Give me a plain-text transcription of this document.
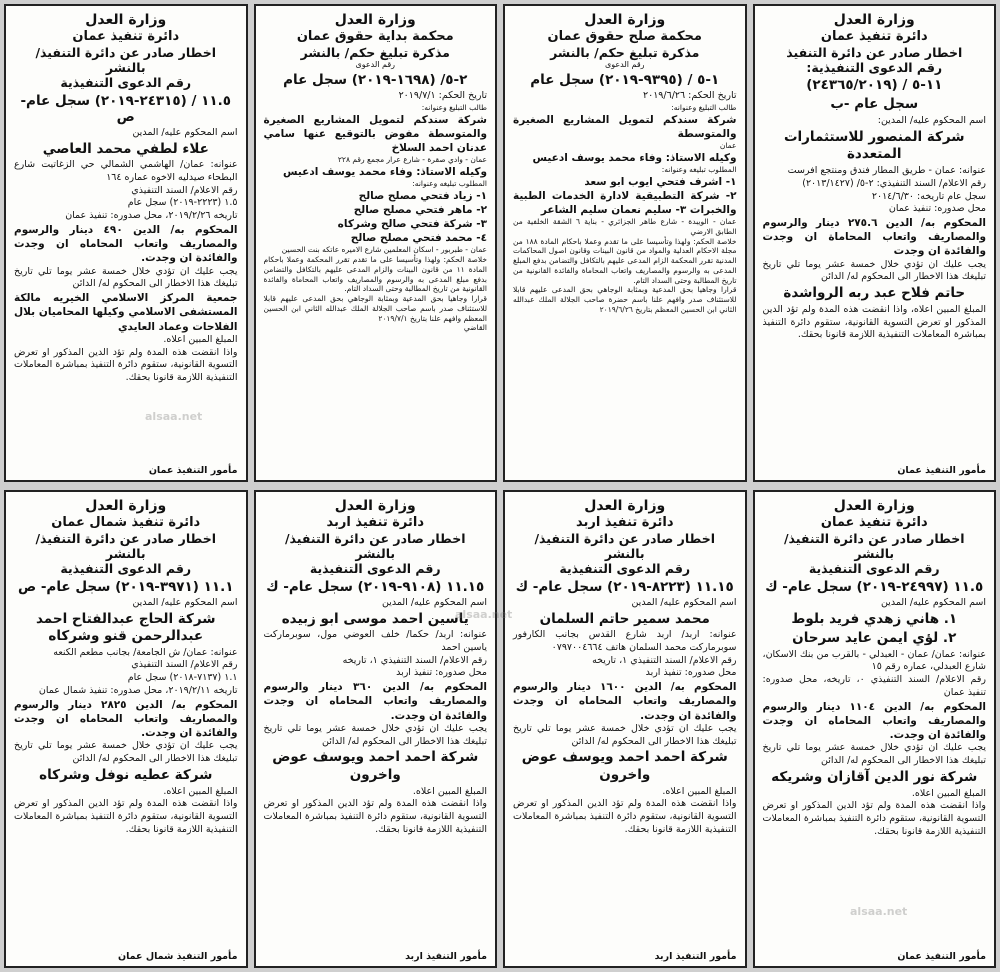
وزارة العدل
دائرة تنفيذ عمان
اخطار صادر عن دائرة التنفيذ/ بالنشر
رقم الدعوى التنفيذية
١١.٥ / (٢٤٣١٥-٢٠١٩) سجل عام- ص
اسم المحكوم عليه/ المدين
علاء لطفي محمد العاصي
عنوانه: عمان/ الهاشمي الشمالي حي الزغاتيت شارع البطحاء صيدليه الاخوه عماره ١٦٤
رقم الاعلام/ السند التنفيذي
١.٥ (٢٢٢٣-٢٠١٩) سجل عام
تاريخه ٢٠١٩/٢/٢٦، محل صدوره: تنفيذ عمان
المحكوم به/ الدين ٤٩٠ دينار والرسوم والمصاريف واتعاب المحاماه ان وجدت والفائدة ان وجدت.
يجب عليك ان تؤدي خلال خمسة عشر يوما تلي تاريخ تبليغك هذا الاخطار الى المحكوم له/ الدائن
جمعية المركز الاسلامي الخيريه مالكة المستشفى الاسلامي وكيلها المحاميان بلال الفلاحات وعماد العايدي
المبلغ المبين اعلاه.
واذا انقضت هذه المدة ولم تؤد الدين المذكور او تعرض التسوية القانونية، ستقوم دائرة التنفيذ بمباشرة المعاملات التنفيذية اللازمة قانونا بحقك.
مأمور التنفيذ عمان
وزارة العدل
محكمة بداية حقوق عمان
مذكرة تبليغ حكم/ بالنشر
رقم الدعوى
٢-٥/ (١٦٩٨-٢٠١٩) سجل عام
تاريخ الحكم: ٢٠١٩/٧/١
طالب التبليغ وعنوانه:
شركة سندكم لتمويل المشاريع الصغيرة والمتوسطة مفوض بالتوقيع عنها سامي عدنان احمد السلاخ
عمان - وادي صقرة - شارع عرار مجمع رقم ٢٢٨
وكيله الاستاذ: وفاء محمد يوسف ادعيس
المطلوب تبليغه وعنوانه:
١- زياد فتحي مصلح صالح
٢- ماهر فتحي مصلح صالح
٣- شركة فتحي صالح وشركاه
٤- محمد فتحي مصلح صالح
عمان - طبربور - اسكان المعلمين شارع الاميره عاتكه بنت الحسين
خلاصة الحكم: ولهذا وتأسيسا على ما تقدم تقرر المحكمة وعملا باحكام المادة ١١ من قانون البينات والزام المدعى عليهم بالتكافل والتضامن بدفع مبلغ المدعى به والرسوم والمصاريف واتعاب المحاماة والفائدة القانونية من تاريخ المطالبة وحتى السداد التام.
قرارا وجاهيا بحق المدعية وبمثابة الوجاهي بحق المدعى عليهم قابلا للاستئناف صدر باسم صاحب الجلالة الملك عبدالله الثاني ابن الحسين المعظم وافهم علنا بتاريخ ٢٠١٩/٧/١
القاضي
وزارة العدل
محكمة صلح حقوق عمان
مذكرة تبليغ حكم/ بالنشر
رقم الدعوى
١-٥ / (٩٣٩٥-٢٠١٩) سجل عام
تاريخ الحكم: ٢٠١٩/٦/٢٦
طالب التبليغ وعنوانه:
شركة سندكم لتمويل المشاريع الصغيرة والمتوسطة
عمان
وكيله الاستاذ: وفاء محمد يوسف ادعيس
المطلوب تبليغه وعنوانه:
١- اشرف فتحي ايوب ابو سعد
٢- شركة التطبيقية لادارة الخدمات الطبية والخبرات ٣- سليم نعمان سليم الشاعر
عمان - الويبدة - شارع طاهر الجزائري - بناية ٦ الشقة الخلفية من الطابق الارضي
خلاصة الحكم: ولهذا وتأسيسا على ما تقدم وعملا باحكام المادة ١٨٨ من مجلة الاحكام العدلية والمواد من قانون البينات وقانون اصول المحاكمات المدنية تقرر المحكمة الزام المدعى عليهم بالتكافل والتضامن بدفع المبلغ المدعى به والرسوم والمصاريف واتعاب المحاماة والفائدة القانونية من تاريخ المطالبة وحتى السداد التام.
قرارا وجاهيا بحق المدعية وبمثابة الوجاهي بحق المدعى عليهم قابلا للاستئناف صدر وافهم علنا باسم حضرة صاحب الجلالة الملك عبدالله الثاني ابن الحسين المعظم بتاريخ ٢٠١٩/٦/٢٦
وزارة العدل
دائرة تنفيذ عمان
اخطار صادر عن دائرة التنفيذ
رقم الدعوى التنفيذية:
١١-٥ / (٢٤٣٦٥/٢٠١٩)
سجل عام -ب
اسم المحكوم عليه/ المدين:
شركة المنصور للاستثمارات المتعددة
عنوانه: عمان - طريق المطار فندق ومنتجع افرست
رقم الاعلام/ السند التنفيذي: ٢-٥/ (٢٠١٣/١٤٢٧)
سجل عام تاريخه: ٢٠١٤/٦/٣٠
محل صدوره: تنفيذ عمان
المحكوم به/ الدين ٢٧٥.٦ دينار والرسوم والمصاريف واتعاب المحاماة ان وجدت والفائدة ان وجدت
يجب عليك ان تؤدي خلال خمسة عشر يوما تلي تاريخ تبليغك هذا الاخطار الى المحكوم له/ الدائن
حاتم فلاح عبد ربه الرواشدة
المبلغ المبين اعلاه، واذا انقضت هذه المدة ولم تؤد الدين المذكور او تعرض التسوية القانونية، ستقوم دائرة التنفيذ بمباشرة المعاملات التنفيذية اللازمة قانونا بحقك.
مأمور التنفيذ عمان
وزارة العدل
دائرة تنفيذ شمال عمان
اخطار صادر عن دائرة التنفيذ/ بالنشر
رقم الدعوى التنفيذية
١١.١ (٣٩٧١-٢٠١٩) سجل عام- ص
اسم المحكوم عليه/ المدين
شركة الحاج عبدالفتاح احمد عبدالرحمن قنو وشركاه
عنوانه: عمان/ ش الجامعة/ بجانب مطعم الكنعه
رقم الاعلام/ السند التنفيذي
١.١ (٧١٣٧-٢٠١٨) سجل عام
تاريخه ٢٠١٩/٢/١١، محل صدوره: تنفيذ شمال عمان
المحكوم به/ الدين ٢٨٢٥ دينار والرسوم والمصاريف واتعاب المحاماه ان وجدت والفائدة ان وجدت.
يجب عليك ان تؤدي خلال خمسة عشر يوما تلي تاريخ تبليغك هذا الاخطار الى المحكوم له/ الدائن
شركة عطيه نوفل وشركاه
المبلغ المبين اعلاه.
واذا انقضت هذه المدة ولم تؤد الدين المذكور او تعرض التسوية القانونية، ستقوم دائرة التنفيذ بمباشرة المعاملات التنفيذية اللازمة قانونا بحقك.
مأمور التنفيذ شمال عمان
وزارة العدل
دائرة تنفيذ اربد
اخطار صادر عن دائرة التنفيذ/ بالنشر
رقم الدعوى التنفيذية
١١.١٥ (٩١٠٨-٢٠١٩) سجل عام- ك
اسم المحكوم عليه/ المدين
ياسين احمد موسى ابو زبيده
عنوانه: اربد/ حكما/ خلف العوضي مول، سوبرماركت ياسين احمد
رقم الاعلام/ السند التنفيذي ١، تاريخه
محل صدوره: تنفيذ اربد
المحكوم به/ الدين ٣٦٠ دينار والرسوم والمصاريف واتعاب المحاماه ان وجدت والفائدة ان وجدت.
يجب عليك ان تؤدي خلال خمسة عشر يوما تلي تاريخ تبليغك هذا الاخطار الى المحكوم له/ الدائن
شركة احمد احمد ويوسف عوض واخرون
المبلغ المبين اعلاه.
واذا انقضت هذه المدة ولم تؤد الدين المذكور او تعرض التسوية القانونية، ستقوم دائرة التنفيذ بمباشرة المعاملات التنفيذية اللازمة قانونا بحقك.
مأمور التنفيذ اربد
وزارة العدل
دائرة تنفيذ اربد
اخطار صادر عن دائرة التنفيذ/ بالنشر
رقم الدعوى التنفيذية
١١.١٥ (٨٢٢٣-٢٠١٩) سجل عام- ك
اسم المحكوم عليه/ المدين
محمد سمير حاتم السلمان
عنوانه: اربد/ اربد شارع القدس بجانب الكارفور سوبرماركت محمد السلمان هاتف ٠٧٩٧٠٠٤٦٦٤
رقم الاعلام/ السند التنفيذي ١، تاريخه
محل صدوره: تنفيذ اربد
المحكوم به/ الدين ١٦٠٠ دينار والرسوم والمصاريف واتعاب المحاماه ان وجدت والفائدة ان وجدت.
يجب عليك ان تؤدي خلال خمسة عشر يوما تلي تاريخ تبليغك هذا الاخطار الى المحكوم له/ الدائن
شركة احمد احمد ويوسف عوض واخرون
المبلغ المبين اعلاه.
واذا انقضت هذه المدة ولم تؤد الدين المذكور او تعرض التسوية القانونية، ستقوم دائرة التنفيذ بمباشرة المعاملات التنفيذية اللازمة قانونا بحقك.
مأمور التنفيذ اربد
وزارة العدل
دائرة تنفيذ عمان
اخطار صادر عن دائرة التنفيذ/ بالنشر
رقم الدعوى التنفيذية
١١.٥ (٢٤٩٩٧-٢٠١٩) سجل عام- ك
اسم المحكوم عليه/ المدين
١. هاني زهدي فريد بلوط
٢. لؤي ايمن عايد سرحان
عنوانه: عمان/ عمان - العبدلي - بالقرب من بنك الاسكان، شارع العبدلي، عماره رقم ١٥
رقم الاعلام/ السند التنفيذي ٠، تاريخه، محل صدوره: تنفيذ عمان
المحكوم به/ الدين ١١٠٤ دينار والرسوم والمصاريف واتعاب المحاماه ان وجدت والفائدة ان وجدت.
يجب عليك ان تؤدي خلال خمسة عشر يوما تلي تاريخ تبليغك هذا الاخطار الى المحكوم له/ الدائن
شركة نور الدين آقازان وشريكه
المبلغ المبين اعلاه.
واذا انقضت هذه المدة ولم تؤد الدين المذكور او تعرض التسوية القانونية، ستقوم دائرة التنفيذ بمباشرة المعاملات التنفيذية اللازمة قانونا بحقك.
مأمور التنفيذ عمان
alsaa.net
alsaa.net
alsaa.net
